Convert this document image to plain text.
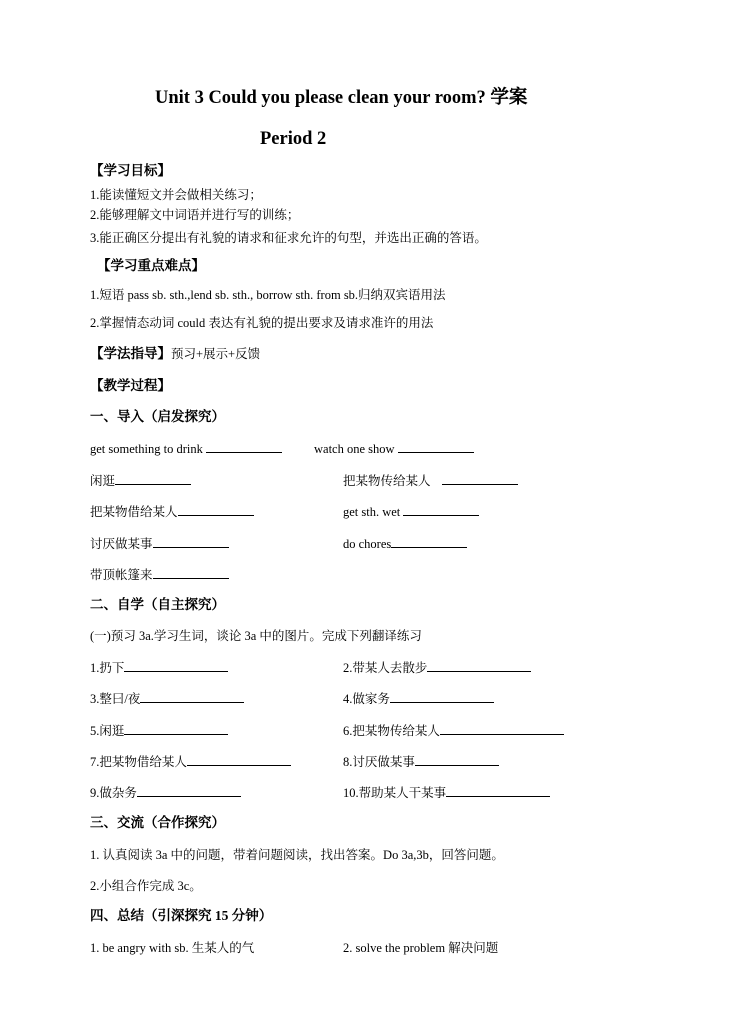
Unit 3 Could you please clean your room? 学案
Period 2
【学习目标】
1.能读懂短文并会做相关练习；
2.能够理解文中词语并进行写的训练；
3.能正确区分提出有礼貌的请求和征求允许的句型，并选出正确的答语。
【学习重点难点】
1.短语 pass sb. sth.,lend sb. sth., borrow sth. from sb.归纳双宾语用法
2.掌握情态动词 could 表达有礼貌的提出要求及请求准许的用法
【学法指导】预习+展示+反馈
【教学过程】
一、导入（启发探究）
get something to drink	watch one show
闲逛	把某物传给某人
把某物借给某人	get sth. wet
讨厌做某事	do chores
带顶帐篷来
二、自学（自主探究）
(一)预习 3a.学习生词，谈论 3a 中的图片。完成下列翻译练习
1.扔下	2.带某人去散步
3.整曰/夜	4.做家务
5.闲逛	6.把某物传给某人
7.把某物借给某人	8.讨厌做某事
9.做杂务	10.帮助某人干某事
三、交流（合作探究）
1. 认真阅读 3a 中的问题，带着问题阅读，找出答案。Do 3a,3b，回答问题。
2.小组合作完成 3c。
四、总结（引深探究 15 分钟）
1. be angry with sb. 生某人的气	2. solve the problem 解决问题
